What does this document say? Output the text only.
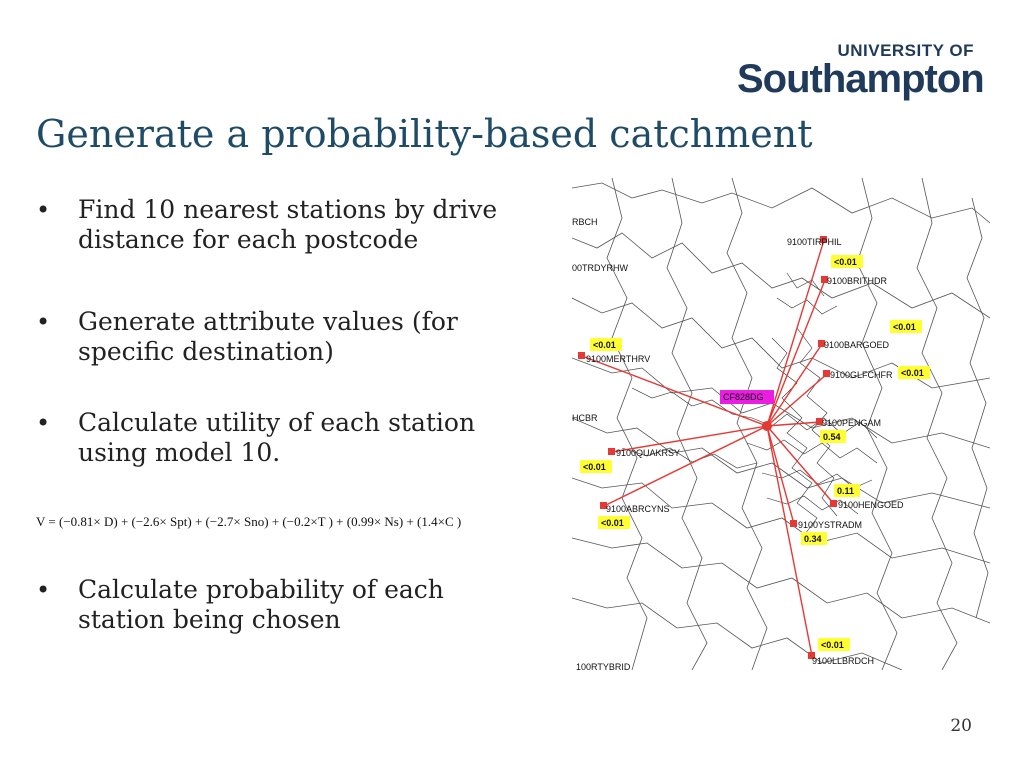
UNIVERSITY OF
Southampton
Generate a probability-based catchment
• Find 10 nearest stations by drive
distance for each postcode
• Generate attribute values (for
specific destination)
• Calculate utility of each station
using model 10.
• Calculate probability of each
station being chosen
V = (−0.81× D) + (−2.6× Spt) + (−2.7× Sno) + (−0.2×T ) + (0.99× Ns) + (1.4×C )
CF828DG
9100TIRPHIL
9100BRITHDR
9100BARGOED
9100GLFCHFR
9100PENGAM
9100HENGOED
9100YSTRADM
9100LLBRDCH
9100ABRCYNS
9100QUAKRSY
9100MERTHRV
RBCH
00TRDYRHW
HCBR
100RTYBRID
<0.01
<0.01
<0.01
0.54
0.11
0.34
<0.01
<0.01
<0.01
<0.01
20
